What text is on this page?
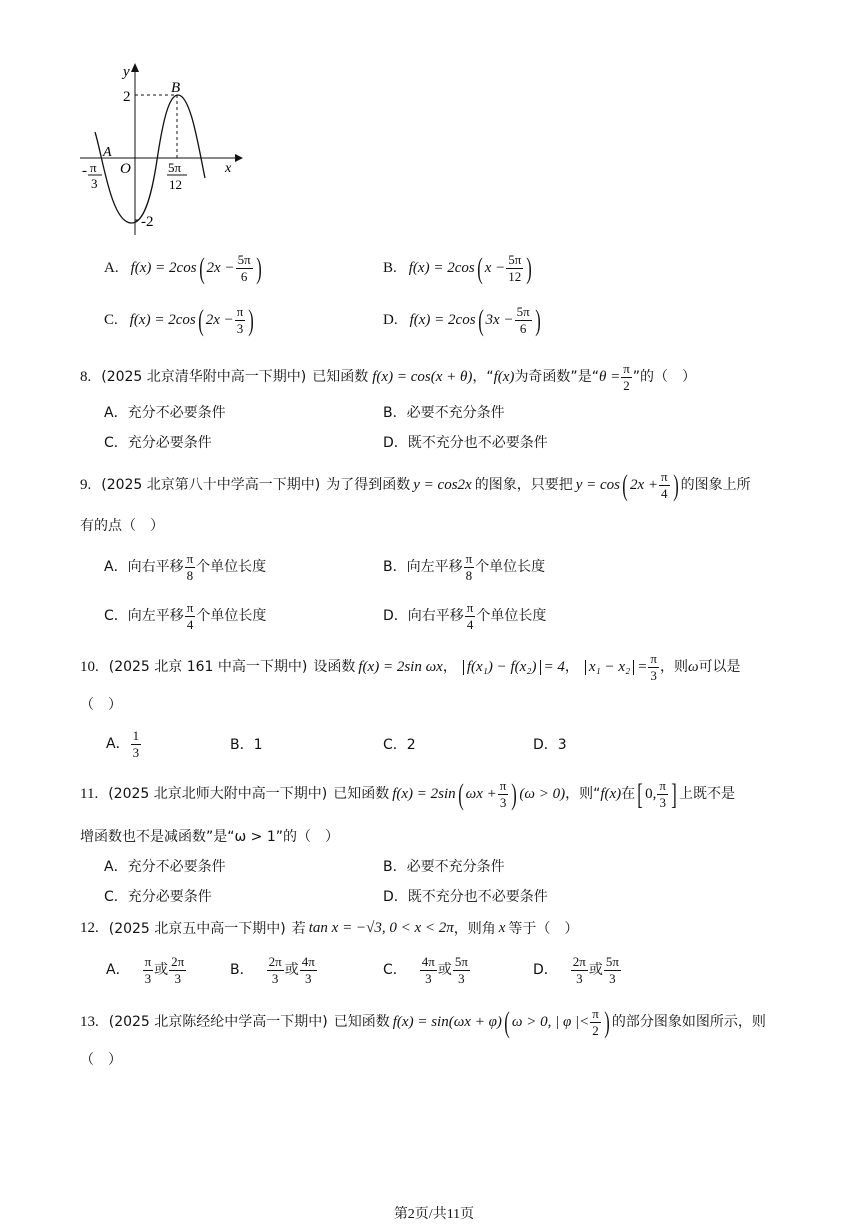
y
x
O
A
B
2
-2
- π
3
5π
12
A. f(x) = 2cos ( $2x - \frac{5\pi}{6}$ )	B. f(x) = 2cos ( $x - \frac{5\pi}{12}$ )
C. f(x) = 2cos ( $2x - \frac{\pi}{3}$ )	D. f(x) = 2cos ( $3x - \frac{5\pi}{6}$ )
8. (2025 北京清华附中高一下期中) 已知函数 f(x) = cos(x + θ) ，“ f(x) 为奇函数”是“ $\theta = \frac{\pi}{2}$ ”的（　）
A．充分不必要条件	B．必要不充分条件
C．充分必要条件	D．既不充分也不必要条件
9. (2025 北京第八十中学高一下期中) 为了得到函数 y = cos2x 的图象，只要把 y = cos ( $2x + \frac{\pi}{4}$ ) 的图象上所
有的点（　）
A．向右平移 $\frac{\pi}{8}$ 个单位长度	B．向左平移 $\frac{\pi}{8}$ 个单位长度
C．向左平移 $\frac{\pi}{4}$ 个单位长度	D．向右平移 $\frac{\pi}{4}$ 个单位长度
10. (2025 北京 161 中高一下期中) 设函数 f(x) = 2sin ωx ， f(x₁) − f(x₂) = 4 ， $x_1 - x_2 = \frac{\pi}{3}$ ，则 ω 可以是
（　）
A． $\frac{1}{3}$	B．1	C．2	D．3
11. (2025 北京北师大附中高一下期中) 已知函数 f(x) = 2sin ( $\omega x + \frac{\pi}{3}$ ) (ω > 0) ，则“ f(x) 在 [ 0, $\frac{\pi}{3}$ ] 上既不是
增函数也不是减函数”是“ω > 1”的（　）
A．充分不必要条件	B．必要不充分条件
C．充分必要条件	D．既不充分也不必要条件
12. (2025 北京五中高一下期中) 若 tan x = −√3, 0 < x < 2π ，则角 x 等于（　）
A． $\frac{\pi}{3}$ 或 $\frac{2\pi}{3}$	B． $\frac{2\pi}{3}$ 或 $\frac{4\pi}{3}$	C． $\frac{4\pi}{3}$ 或 $\frac{5\pi}{3}$	D． $\frac{2\pi}{3}$ 或 $\frac{5\pi}{3}$
13. (2025 北京陈经纶中学高一下期中) 已知函数 f(x) = sin(ωx + φ) ( ω > 0, | φ |< $\frac{\pi}{2}$ ) 的部分图象如图所示，则
（　）
第2页/共11页
